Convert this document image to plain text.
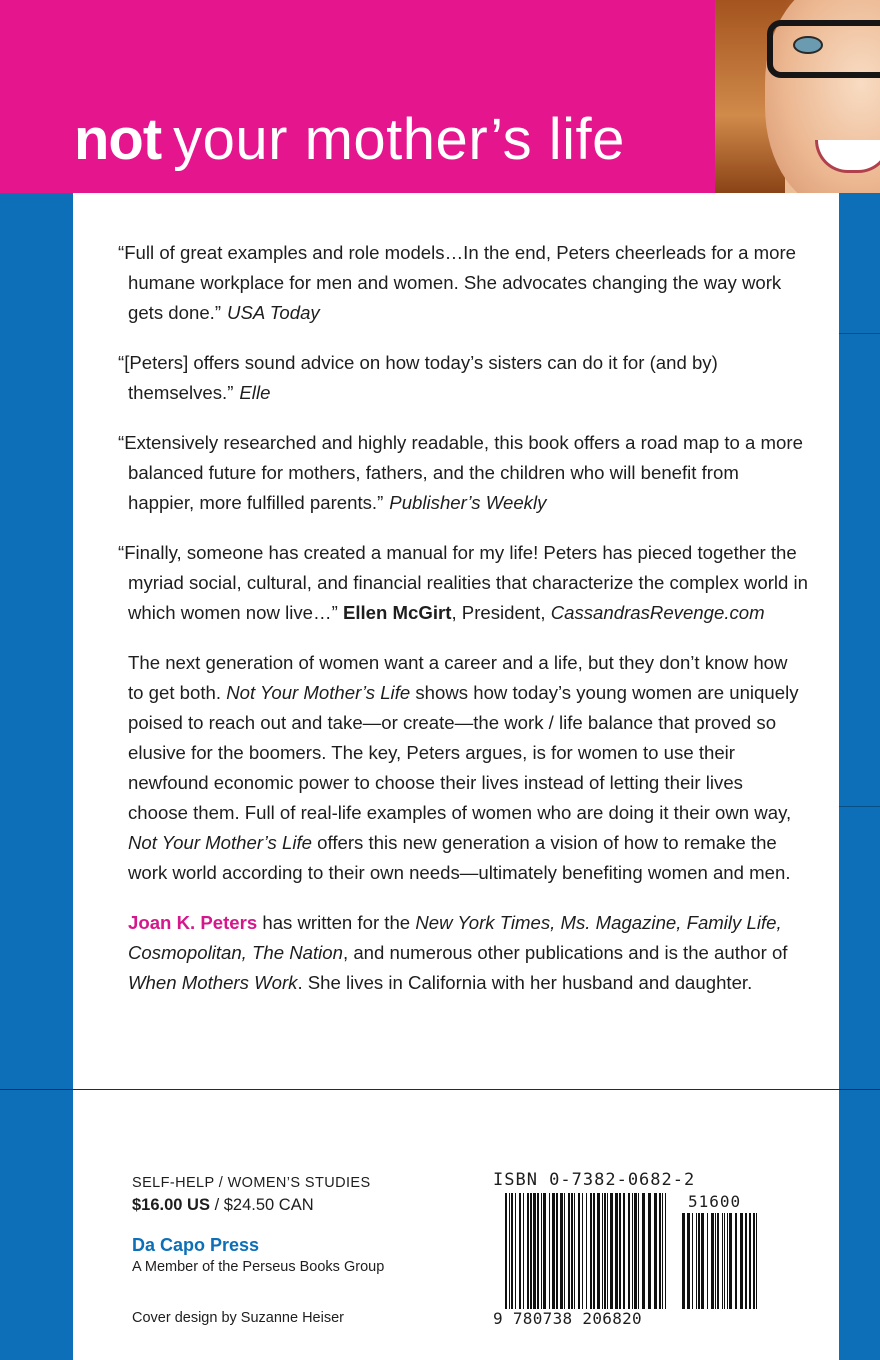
not your mother’s life

“Full of great examples and role models…In the end, Peters cheerleads for a more humane workplace for men and women. She advocates changing the way work gets done.” USA Today

“[Peters] offers sound advice on how today’s sisters can do it for (and by) themselves.” Elle

“Extensively researched and highly readable, this book offers a road map to a more balanced future for mothers, fathers, and the children who will benefit from happier, more fulfilled parents.” Publisher’s Weekly

“Finally, someone has created a manual for my life! Peters has pieced together the myriad social, cultural, and financial realities that characterize the complex world in which women now live…” Ellen McGirt, President, CassandrasRevenge.com

The next generation of women want a career and a life, but they don’t know how to get both. Not Your Mother’s Life shows how today’s young women are uniquely poised to reach out and take—or create—the work / life balance that proved so elusive for the boomers. The key, Peters argues, is for women to use their newfound economic power to choose their lives instead of letting their lives choose them. Full of real-life examples of women who are doing it their own way, Not Your Mother’s Life offers this new generation a vision of how to remake the work world according to their own needs—ultimately benefiting women and men.

Joan K. Peters has written for the New York Times, Ms. Magazine, Family Life, Cosmopolitan, The Nation, and numerous other publications and is the author of When Mothers Work. She lives in California with her husband and daughter.

SELF-HELP / WOMEN’S STUDIES
$16.00 US / $24.50 CAN
Da Capo Press
A Member of the Perseus Books Group
Cover design by Suzanne Heiser
ISBN 0-7382-0682-2
51600
9 780738 206820
